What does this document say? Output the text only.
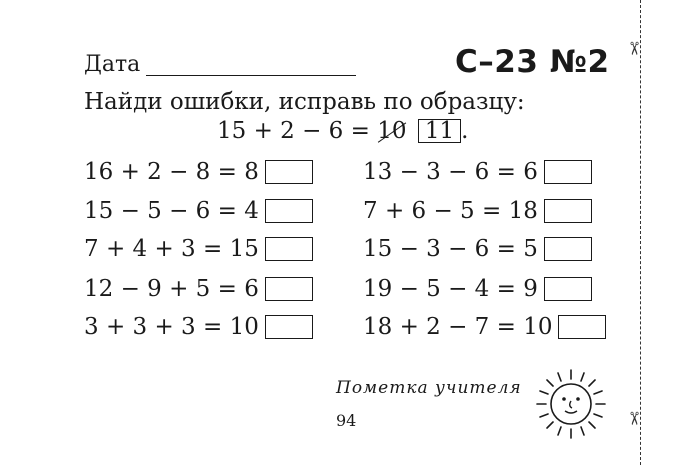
Дата	С–23 №2
Найди ошибки, исправь по образцу:
15 + 2 − 6 = 10 11 .
16 + 2 − 8 = 8
15 − 5 − 6 = 4
7 + 4 + 3 = 15
12 − 9 + 5 = 6
3 + 3 + 3 = 10
13 − 3 − 6 = 6
7 + 6 − 5 = 18
15 − 3 − 6 = 5
19 − 5 − 4 = 9
18 + 2 − 7 = 10
Пометка учителя
94
✂
✂
